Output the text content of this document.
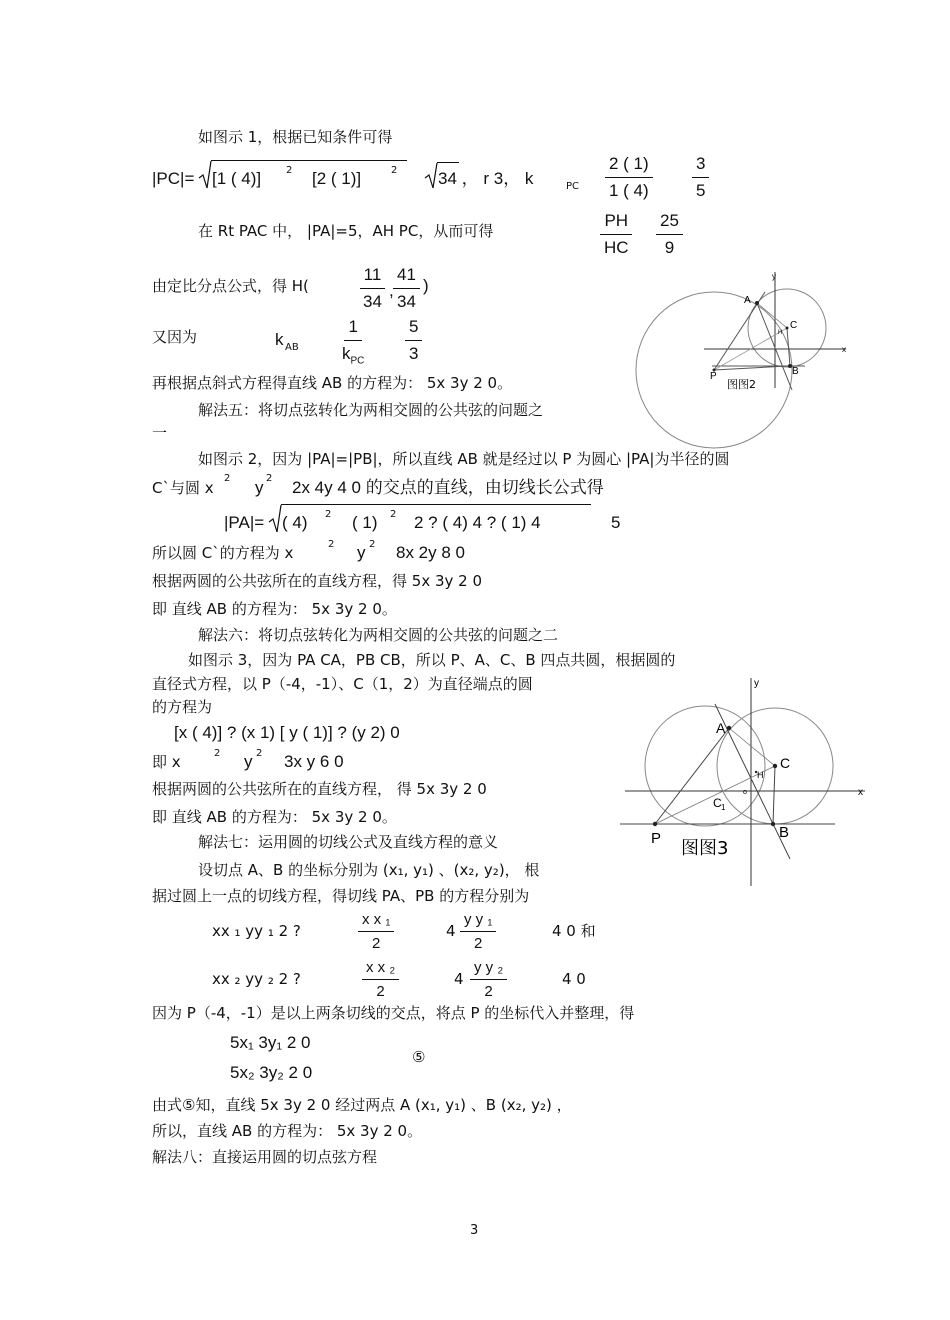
如图示 1，根据已知条件可得
|PC|= [1 ( 4)] 2 [2 ( 1)]	2 34 ， r 3， k	PC $\frac{2 ( 1)}{1 ( 4)} \frac{3}{5}$
在 Rt PAC 中， |PA|=5，AH PC，从而可得	$\frac{PH}{HC} \frac{25}{9}$
由定比分点公式，得 H(	$\frac{11}{34}$ , $\frac{41}{34}$ )
又因为	k AB
1
$k_{PC} \frac{5}{3}$
再根据点斜式方程得直线 AB 的方程为： 5x 3y 2 0。
解法五：将切点弦转化为两相交圆的公共弦的问题之
一
如图示 2，因为 |PA|=|PB|，所以直线 AB 就是经过以 P 为圆心 |PA|为半径的圆
C`与圆 x
2 y 2 2x 4y 4 0 的交点的直线，由切线长公式得
|PA|= ( 4) 2 ( 1) 2 2 ? ( 4) 4 ? ( 1) 4	5
所以圆 C`的方程为 x	2 y 2 8x 2y 8 0
根据两圆的公共弦所在的直线方程，得 5x 3y 2 0
即 直线 AB 的方程为： 5x 3y 2 0。
解法六：将切点弦转化为两相交圆的公共弦的问题之二
如图示 3，因为 PA CA，PB CB，所以 P、A、C、B 四点共圆，根据圆的
直径式方程，以 P（-4，-1）、C（1，2）为直径端点的圆
的方程为
[x ( 4)] ? (x 1) [ y ( 1)] ? (y 2) 0
即 x	2 y 2 3x y 6 0
根据两圆的公共弦所在的直线方程， 得 5x 3y 2 0
即 直线 AB 的方程为： 5x 3y 2 0。
解法七：运用圆的切线公式及直线方程的意义
设切点 A、B 的坐标分别为 (x₁, y₁) 、(x₂, y₂)， 根
据过圆上一点的切线方程，得切线 PA、PB 的方程分别为
xx ₁ yy ₁ 2 ?	$\frac{\text{x x ₁}}{2}$	$4 \frac{\text{y y ₁}}{2}$	4 0 和
xx ₂ yy ₂ 2 ?	$\frac{\text{x x ₂}}{2}$	$4 \frac{\text{y y ₂}}{2}$	4 0
因为 P（-4，-1）是以上两条切线的交点，将点 P 的坐标代入并整理，得
5x₁ 3y₁ 2 0
5x₂ 3y₂ 2 0
⑤
由式⑤知，直线 5x 3y 2 0 经过两点 A (x₁, y₁) 、B (x₂, y₂) ，
所以，直线 AB 的方程为： 5x 3y 2 0。
解法八：直接运用圆的切点弦方程
3
A
C
H
P	B
x
y
图图2
A
C
H
C 1
o
P	B
x
y
图图3
